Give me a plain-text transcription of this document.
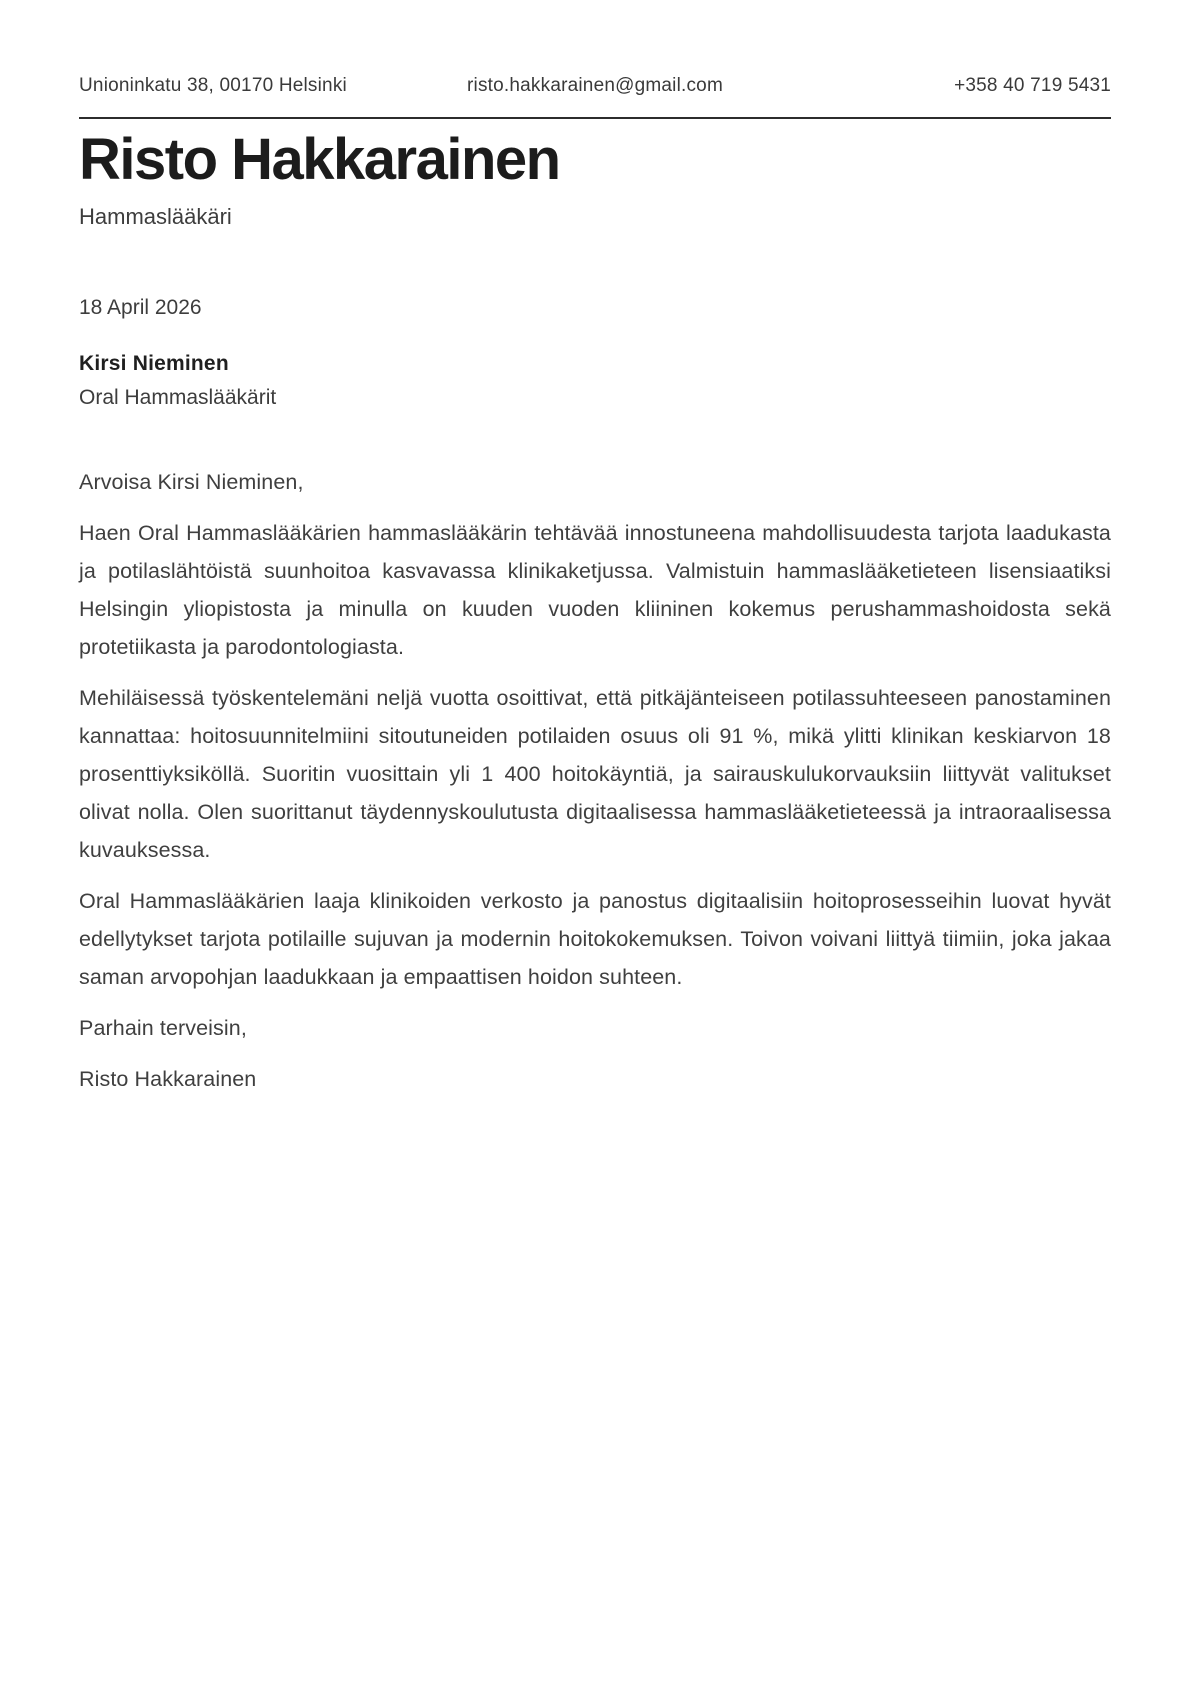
Unioninkatu 38, 00170 Helsinki	risto.hakkarainen@gmail.com	+358 40 719 5431
Risto Hakkarainen
Hammaslääkäri
18 April 2026
Kirsi Nieminen
Oral Hammaslääkärit

Arvoisa Kirsi Nieminen,

Haen Oral Hammaslääkärien hammaslääkärin tehtävää innostuneena mahdollisuudesta tarjota laadukasta ja potilaslähtöistä suunhoitoa kasvavassa klinikaketjussa. Valmistuin hammaslääketieteen lisensiaatiksi Helsingin yliopistosta ja minulla on kuuden vuoden kliininen kokemus perushammashoidosta sekä protetiikasta ja parodontologiasta.

Mehiläisessä työskentelemäni neljä vuotta osoittivat, että pitkäjänteiseen potilassuhteeseen panostaminen kannattaa: hoitosuunnitelmiini sitoutuneiden potilaiden osuus oli 91 %, mikä ylitti klinikan keskiarvon 18 prosenttiyksiköllä. Suoritin vuosittain yli 1 400 hoitokäyntiä, ja sairauskulukorvauksiin liittyvät valitukset olivat nolla. Olen suorittanut täydennyskoulutusta digitaalisessa hammaslääketieteessä ja intraoraalisessa kuvauksessa.

Oral Hammaslääkärien laaja klinikoiden verkosto ja panostus digitaalisiin hoitoprosesseihin luovat hyvät edellytykset tarjota potilaille sujuvan ja modernin hoitokokemuksen. Toivon voivani liittyä tiimiin, joka jakaa saman arvopohjan laadukkaan ja empaattisen hoidon suhteen.

Parhain terveisin,

Risto Hakkarainen
